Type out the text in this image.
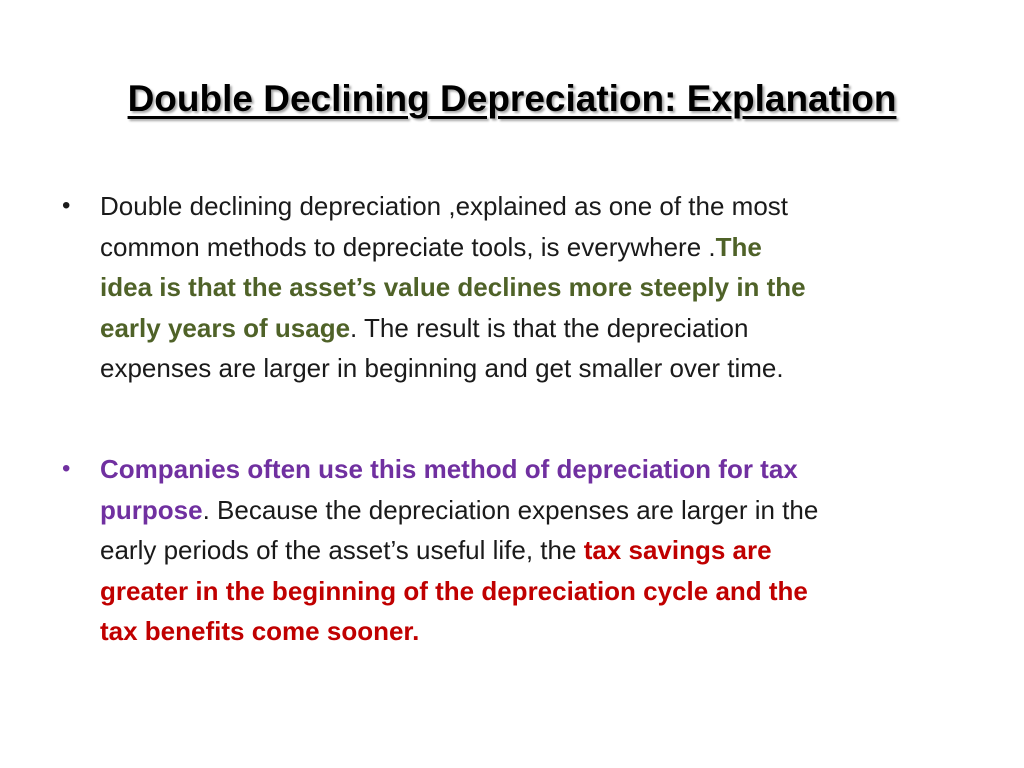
Double Declining Depreciation: Explanation
• Double declining depreciation ,explained as one of the most
common methods to depreciate tools, is everywhere .The
idea is that the asset’s value declines more steeply in the
early years of usage. The result is that the depreciation
expenses are larger in beginning and get smaller over time.
• Companies often use this method of depreciation for tax
purpose. Because the depreciation expenses are larger in the
early periods of the asset’s useful life, the tax savings are
greater in the beginning of the depreciation cycle and the
tax benefits come sooner.
